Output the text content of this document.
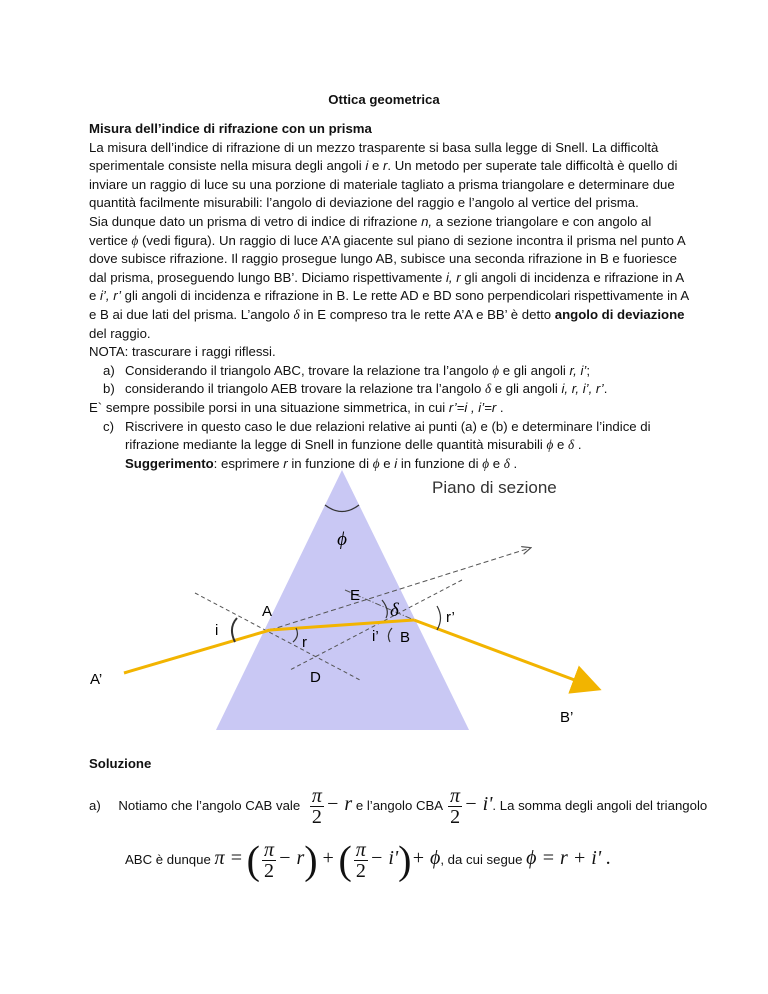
Ottica geometrica
Misura dell’indice di rifrazione con un prisma

La misura dell’indice di rifrazione di un mezzo trasparente si basa sulla legge di Snell. La difficoltà sperimentale consiste nella misura degli angoli i e r. Un metodo per superate tale difficoltà è quello di inviare un raggio di luce su una porzione di materiale tagliato a prisma triangolare e determinare due quantità facilmente misurabili: l’angolo di deviazione del raggio e l’angolo al vertice del prisma.

Sia dunque dato un prisma di vetro di indice di rifrazione n, a sezione triangolare e con angolo al vertice ϕ (vedi figura). Un raggio di luce A’A giacente sul piano di sezione incontra il prisma nel punto A dove subisce rifrazione. Il raggio prosegue lungo AB, subisce una seconda rifrazione in B e fuoriesce dal prisma, proseguendo lungo BB’. Diciamo rispettivamente i, r gli angoli di incidenza e rifrazione in A e i’, r’ gli angoli di incidenza e rifrazione in B. Le rette AD e BD sono perpendicolari rispettivamente in A e B ai due lati del prisma. L’angolo δ in E compreso tra le rette A’A e BB’ è detto angolo di deviazione del raggio.

NOTA: trascurare i raggi riflessi.

a) Considerando il triangolo ABC, trovare la relazione tra l’angolo ϕ e gli angoli r, i’;
b) considerando il triangolo AEB trovare la relazione tra l’angolo δ e gli angoli i, r, i’, r’.

E` sempre possibile porsi in una situazione simmetrica, in cui r’=i , i’=r .

c) Riscrivere in questo caso le due relazioni relative ai punti (a) e (b) e determinare l’indice di rifrazione mediante la legge di Snell in funzione delle quantità misurabili ϕ e δ .
Suggerimento: esprimere r in funzione di ϕ e i in funzione di ϕ e δ .
Piano di sezione
ϕ
E
δ
A
i
r	i’ B
r’
A’	D
B’
Soluzione
a) Notiamo che l’angolo CAB vale $\frac{\pi}{2} - r$ e l’angolo CBA $\frac{\pi}{2} - i'$. La somma degli angoli del triangolo
ABC è dunque π = ( $\frac{\pi}{2} - r$) + ( $\frac{\pi}{2} - i')+ \phi$, da cui segue ϕ = r + i' .
